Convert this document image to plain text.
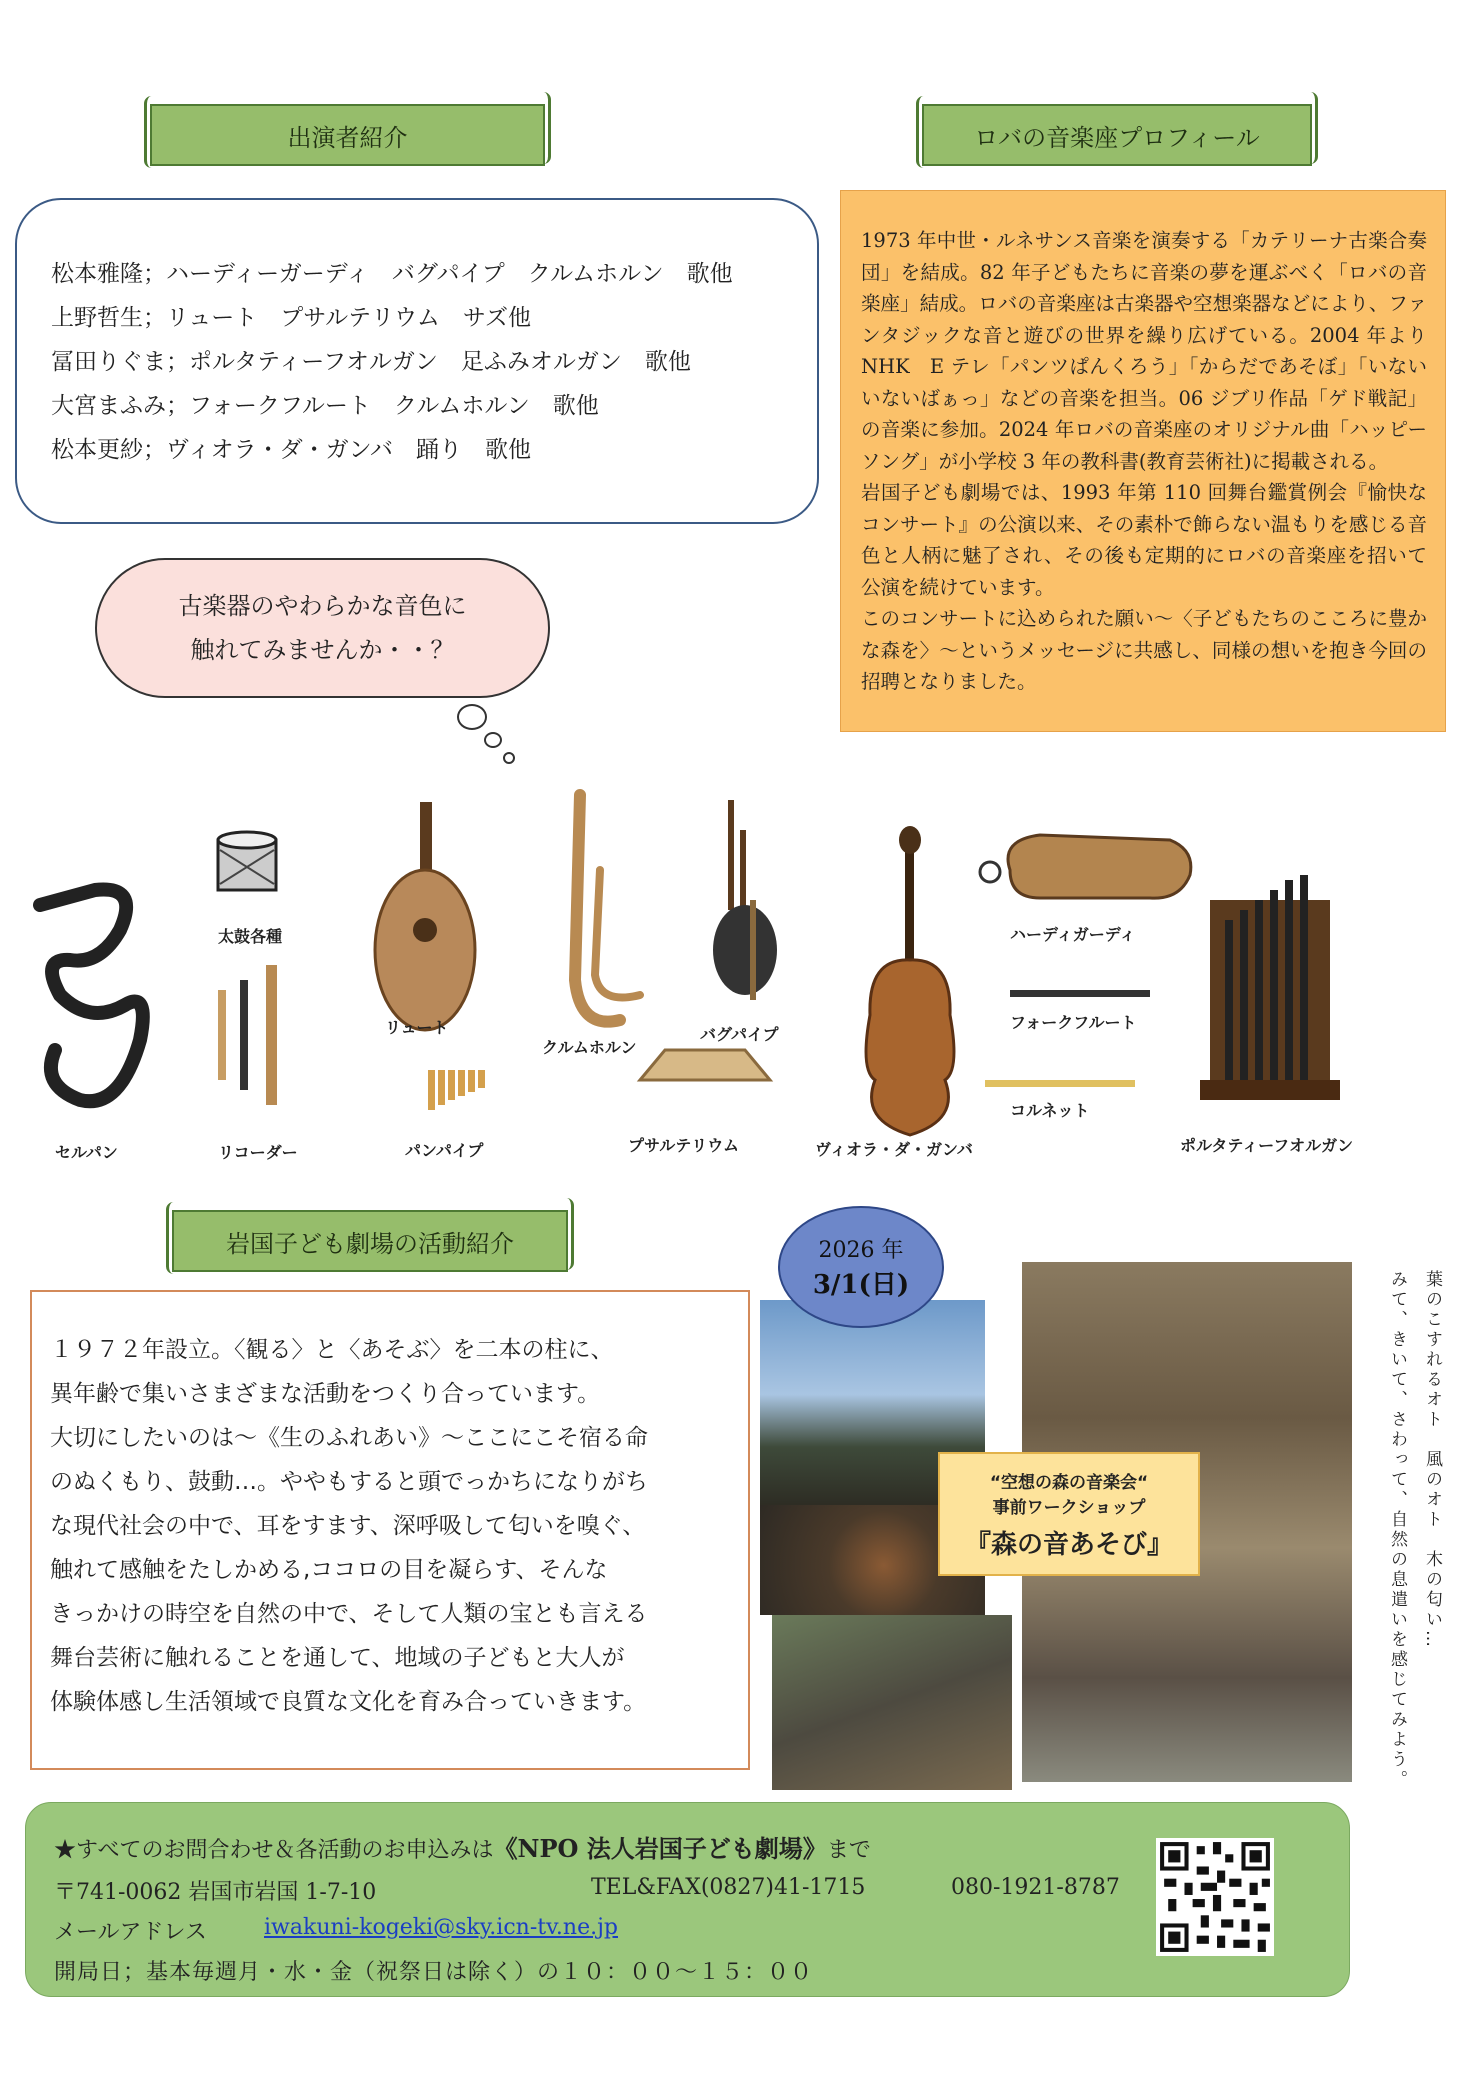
出演者紹介	ロバの音楽座プロフィール
松本雅隆；ハーディーガーディ　バグパイプ　クルムホルン　歌他
上野哲生；リュート　プサルテリウム　サズ他
冨田りぐま；ポルタティーフオルガン　足ふみオルガン　歌他
大宮まふみ；フォークフルート　クルムホルン　歌他
松本更紗；ヴィオラ・ダ・ガンバ　踊り　歌他
1973 年中世・ルネサンス音楽を演奏する「カテリーナ古楽合奏団」を結成。82 年子どもたちに音楽の夢を運ぶべく「ロバの音楽座」結成。ロバの音楽座は古楽器や空想楽器などにより、ファンタジックな音と遊びの世界を繰り広げている。2004 年より NHK　E テレ「パンツぱんくろう」「からだであそぼ」「いないいないばぁっ」などの音楽を担当。06 ジブリ作品「ゲド戦記」の音楽に参加。2024 年ロバの音楽座のオリジナル曲「ハッピーソング」が小学校 3 年の教科書(教育芸術社)に掲載される。
岩国子ども劇場では、1993 年第 110 回舞台鑑賞例会『愉快なコンサート』の公演以来、その素朴で飾らない温もりを感じる音色と人柄に魅了され、その後も定期的にロバの音楽座を招いて公演を続けています。
このコンサートに込められた願い～〈子どもたちのこころに豊かな森を〉～というメッセージに共感し、同様の想いを抱き今回の招聘となりました。
古楽器のやわらかな音色に
触れてみませんか・・？
セルパン
太鼓各種
リコーダー
リュート
パンパイプ
クルムホルン
バグパイプ
プサルテリウム	ヴィオラ・ダ・ガンバ
ハーディガーディ
フォークフルート
コルネット
ポルタティーフオルガン
岩国子ども劇場の活動紹介
１９７２年設立。〈観る〉と〈あそぶ〉を二本の柱に、
異年齢で集いさまざまな活動をつくり合っています。
大切にしたいのは～《生のふれあい》～ここにこそ宿る命
のぬくもり、鼓動…。ややもすると頭でっかちになりがち
な現代社会の中で、耳をすます、深呼吸して匂いを嗅ぐ、
触れて感触をたしかめる,ココロの目を凝らす、そんな
きっかけの時空を自然の中で、そして人類の宝とも言える
舞台芸術に触れることを通して、地域の子どもと大人が
体験体感し生活領域で良質な文化を育み合っていきます。
2026 年
3/1(日)
“空想の森の音楽会“
事前ワークショップ
『森の音あそび』	葉のこすれるオト　風のオト　木の匂い…
みて、きいて、さわって、自然の息遣いを感じてみよう。
★すべてのお問合わせ＆各活動のお申込みは《NPO 法人岩国子ども劇場》まで
〒741-0062 岩国市岩国 1-7-10	TEL&FAX(0827)41-1715	080-1921-8787
メールアドレス	iwakuni-kogeki@sky.icn-tv.ne.jp
開局日；基本毎週月・水・金（祝祭日は除く）の１０：００～１５：００
